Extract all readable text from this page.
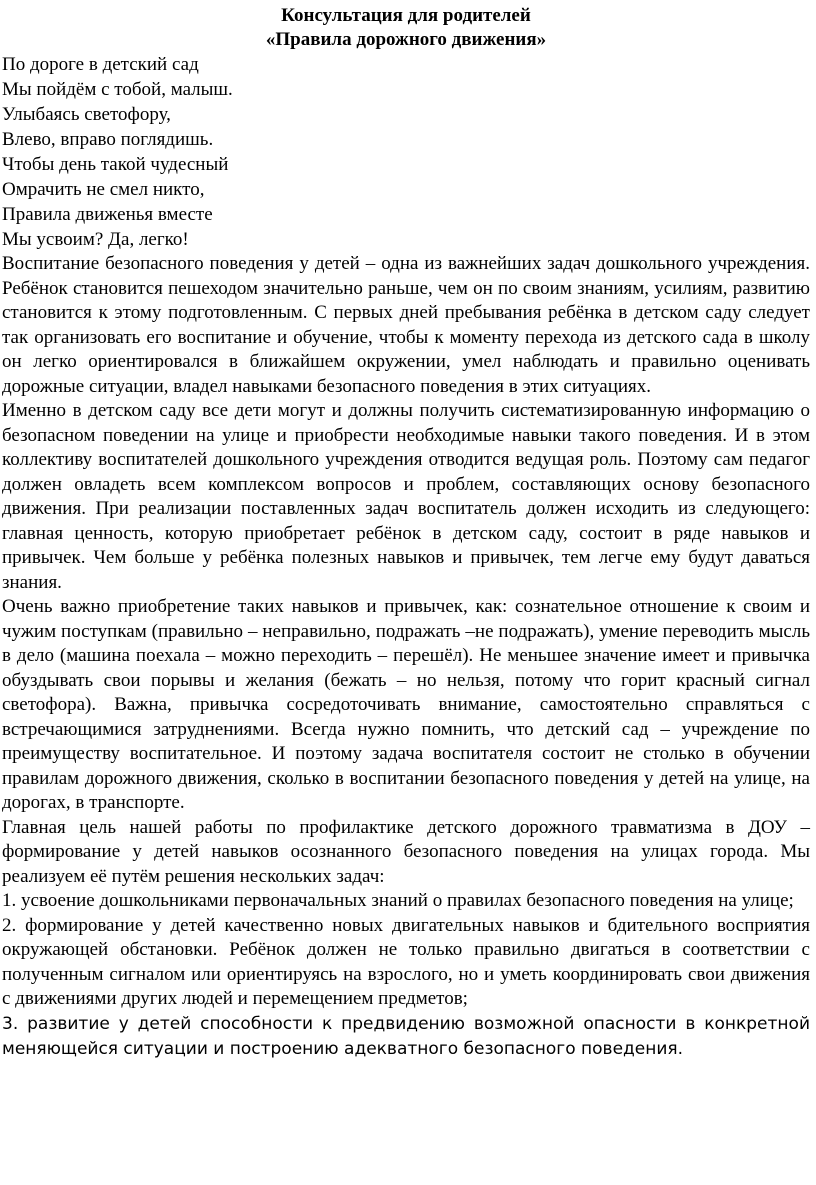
Консультация для родителей
«Правила дорожного движения»

По дороге в детский сад

Мы пойдём с тобой, малыш.

Улыбаясь светофору,

Влево, вправо поглядишь.

Чтобы день такой чудесный

Омрачить не смел никто,

Правила движенья вместе

Мы усвоим? Да, легко!

Воспитание безопасного поведения у детей – одна из важнейших задач дошкольного учреждения. Ребёнок становится пешеходом значительно раньше, чем он по своим знаниям, усилиям, развитию становится к этому подготовленным. С первых дней пребывания ребёнка в детском саду следует так организовать его воспитание и обучение, чтобы к моменту перехода из детского сада в школу он легко ориентировался в ближайшем окружении, умел наблюдать и правильно оценивать дорожные ситуации, владел навыками безопасного поведения в этих ситуациях.

Именно в детском саду все дети могут и должны получить систематизированную информацию о безопасном поведении на улице и приобрести необходимые навыки такого поведения. И в этом коллективу воспитателей дошкольного учреждения отводится ведущая роль. Поэтому сам педагог должен овладеть всем комплексом вопросов и проблем, составляющих основу безопасного движения. При реализации поставленных задач воспитатель должен исходить из следующего: главная ценность, которую приобретает ребёнок в детском саду, состоит в ряде навыков и привычек. Чем больше у ребёнка полезных навыков и привычек, тем легче ему будут даваться знания.

Очень важно приобретение таких навыков и привычек, как: сознательное отношение к своим и чужим поступкам (правильно – неправильно, подражать –не подражать), умение переводить мысль в дело (машина поехала – можно переходить – перешёл). Не меньшее значение имеет и привычка обуздывать свои порывы и желания (бежать – но нельзя, потому что горит красный сигнал светофора). Важна, привычка сосредоточивать внимание, самостоятельно справляться с встречающимися затруднениями. Всегда нужно помнить, что детский сад – учреждение по преимуществу воспитательное. И поэтому задача воспитателя состоит не столько в обучении правилам дорожного движения, сколько в воспитании безопасного поведения у детей на улице, на дорогах, в транспорте.

Главная цель нашей работы по профилактике детского дорожного травматизма в ДОУ – формирование у детей навыков осознанного безопасного поведения на улицах города. Мы реализуем её путём решения нескольких задач:

1. усвоение дошкольниками первоначальных знаний о правилах безопасного поведения на улице;

2. формирование у детей качественно новых двигательных навыков и бдительного восприятия окружающей обстановки. Ребёнок должен не только правильно двигаться в соответствии с полученным сигналом или ориентируясь на взрослого, но и уметь координировать свои движения с движениями других людей и перемещением предметов;

3. развитие у детей способности к предвидению возможной опасности в конкретной меняющейся ситуации и построению адекватного безопасного поведения.
